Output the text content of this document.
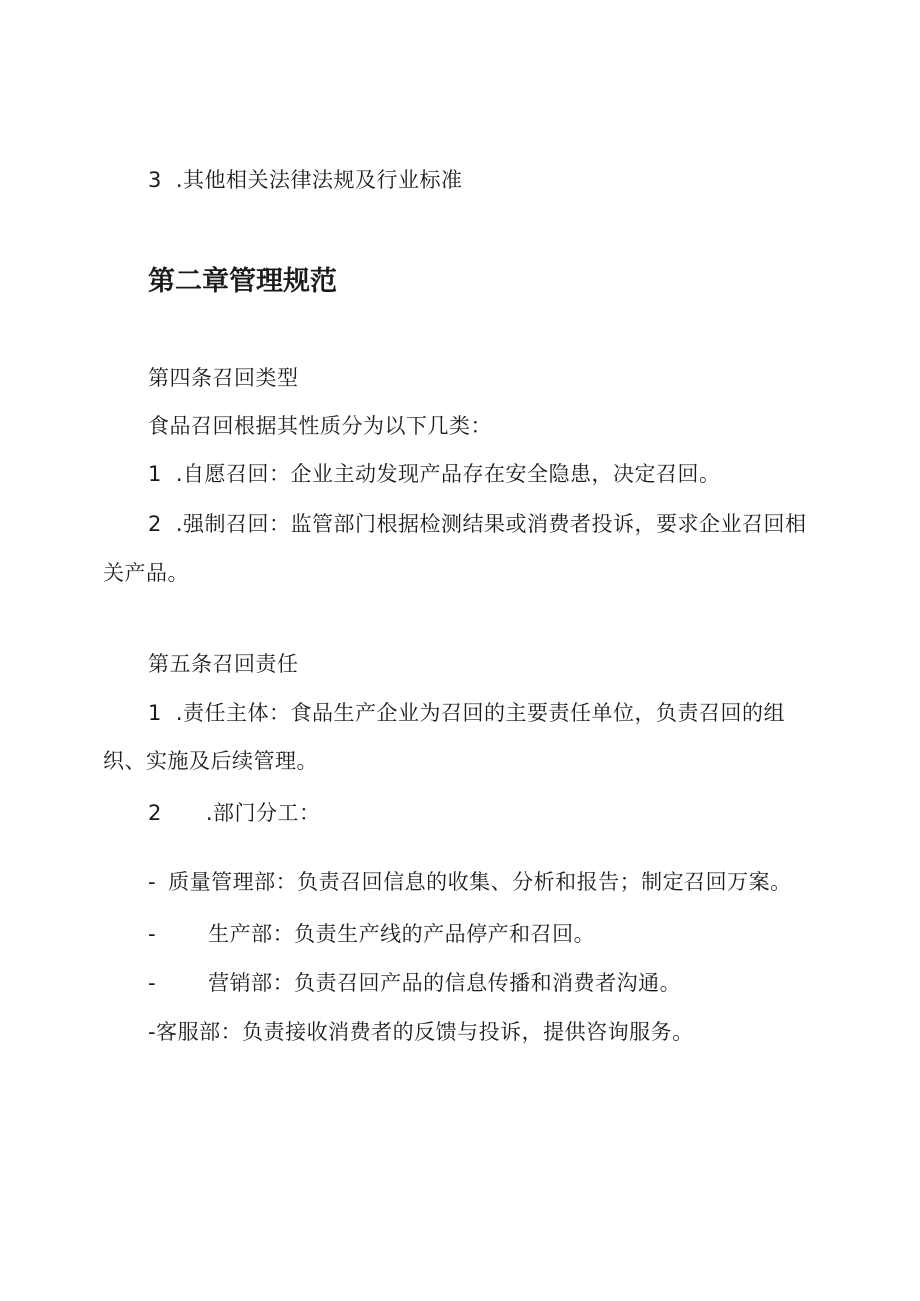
3 .其他相关法律法规及行业标准

第二章管理规范

第四条召回类型

食品召回根据其性质分为以下几类：

1 .自愿召回：企业主动发现产品存在安全隐患，决定召回。

2 .强制召回：监管部门根据检测结果或消费者投诉，要求企业召回相

关产品。

第五条召回责任

1 .责任主体：食品生产企业为召回的主要责任单位，负责召回的组

织、实施及后续管理。

2 .部门分工：

- 质量管理部：负责召回信息的收集、分析和报告；制定召回万案。

- 生产部：负责生产线的产品停产和召回。

- 营销部：负责召回产品的信息传播和消费者沟通。

-客服部：负责接收消费者的反馈与投诉，提供咨询服务。
